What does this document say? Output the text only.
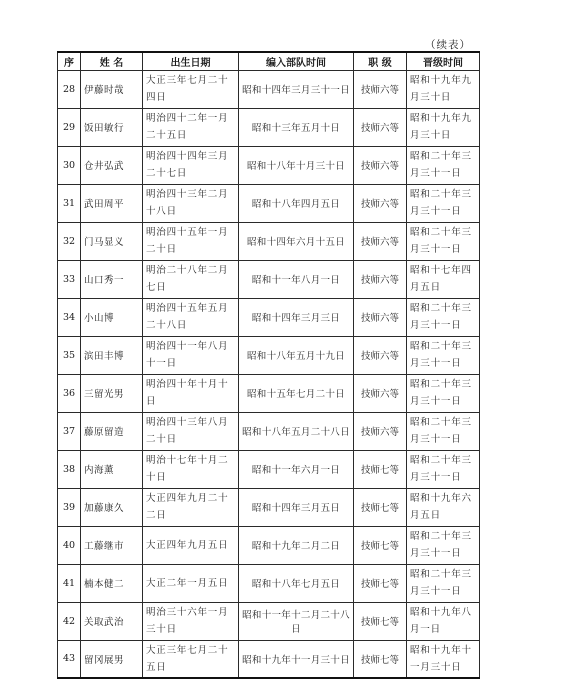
（续表）
序	姓 名	出生日期	编入部队时间	职 级	晋级时间
28	伊藤时哉	大正三年七月二十四日	昭和十四年三月三十一日	技师六等	昭和十九年九月三十日
29	饭田敏行	明治四十二年一月二十五日	昭和十三年五月十日	技师六等	昭和十九年九月三十日
30	仓井弘武	明治四十四年三月二十七日	昭和十八年十月三十日	技师六等	昭和二十年三月三十一日
31	武田周平	明治四十三年二月十八日	昭和十八年四月五日	技师六等	昭和二十年三月三十一日
32	门马显义	明治四十五年一月二十日	昭和十四年六月十五日	技师六等	昭和二十年三月三十一日
33	山口秀一	明治二十八年二月七日	昭和十一年八月一日	技师六等	昭和十七年四月五日
34	小山博	明治四十五年五月二十八日	昭和十四年三月三日	技师六等	昭和二十年三月三十一日
35	滨田丰博	明治四十一年八月十一日	昭和十八年五月十九日	技师六等	昭和二十年三月三十一日
36	三留光男	明治四十年十月十日	昭和十五年七月二十日	技师六等	昭和二十年三月三十一日
37	藤原留造	明治四十三年八月二十日	昭和十八年五月二十八日	技师六等	昭和二十年三月三十一日
38	内海薰	明治十七年十月二十日	昭和十一年六月一日	技师七等	昭和二十年三月三十一日
39	加藤康久	大正四年九月二十二日	昭和十四年三月五日	技师七等	昭和十九年六月五日
40	工藤继市	大正四年九月五日	昭和十九年二月二日	技师七等	昭和二十年三月三十一日
41	楠本健二	大正二年一月五日	昭和十八年七月五日	技师七等	昭和二十年三月三十一日
42	关取武治	明治三十六年一月三十日	昭和十一年十二月二十八日	技师七等	昭和十九年八月一日
43	留冈展男	大正三年七月二十五日	昭和十九年十一月三十日	技师七等	昭和十九年十一月三十日
